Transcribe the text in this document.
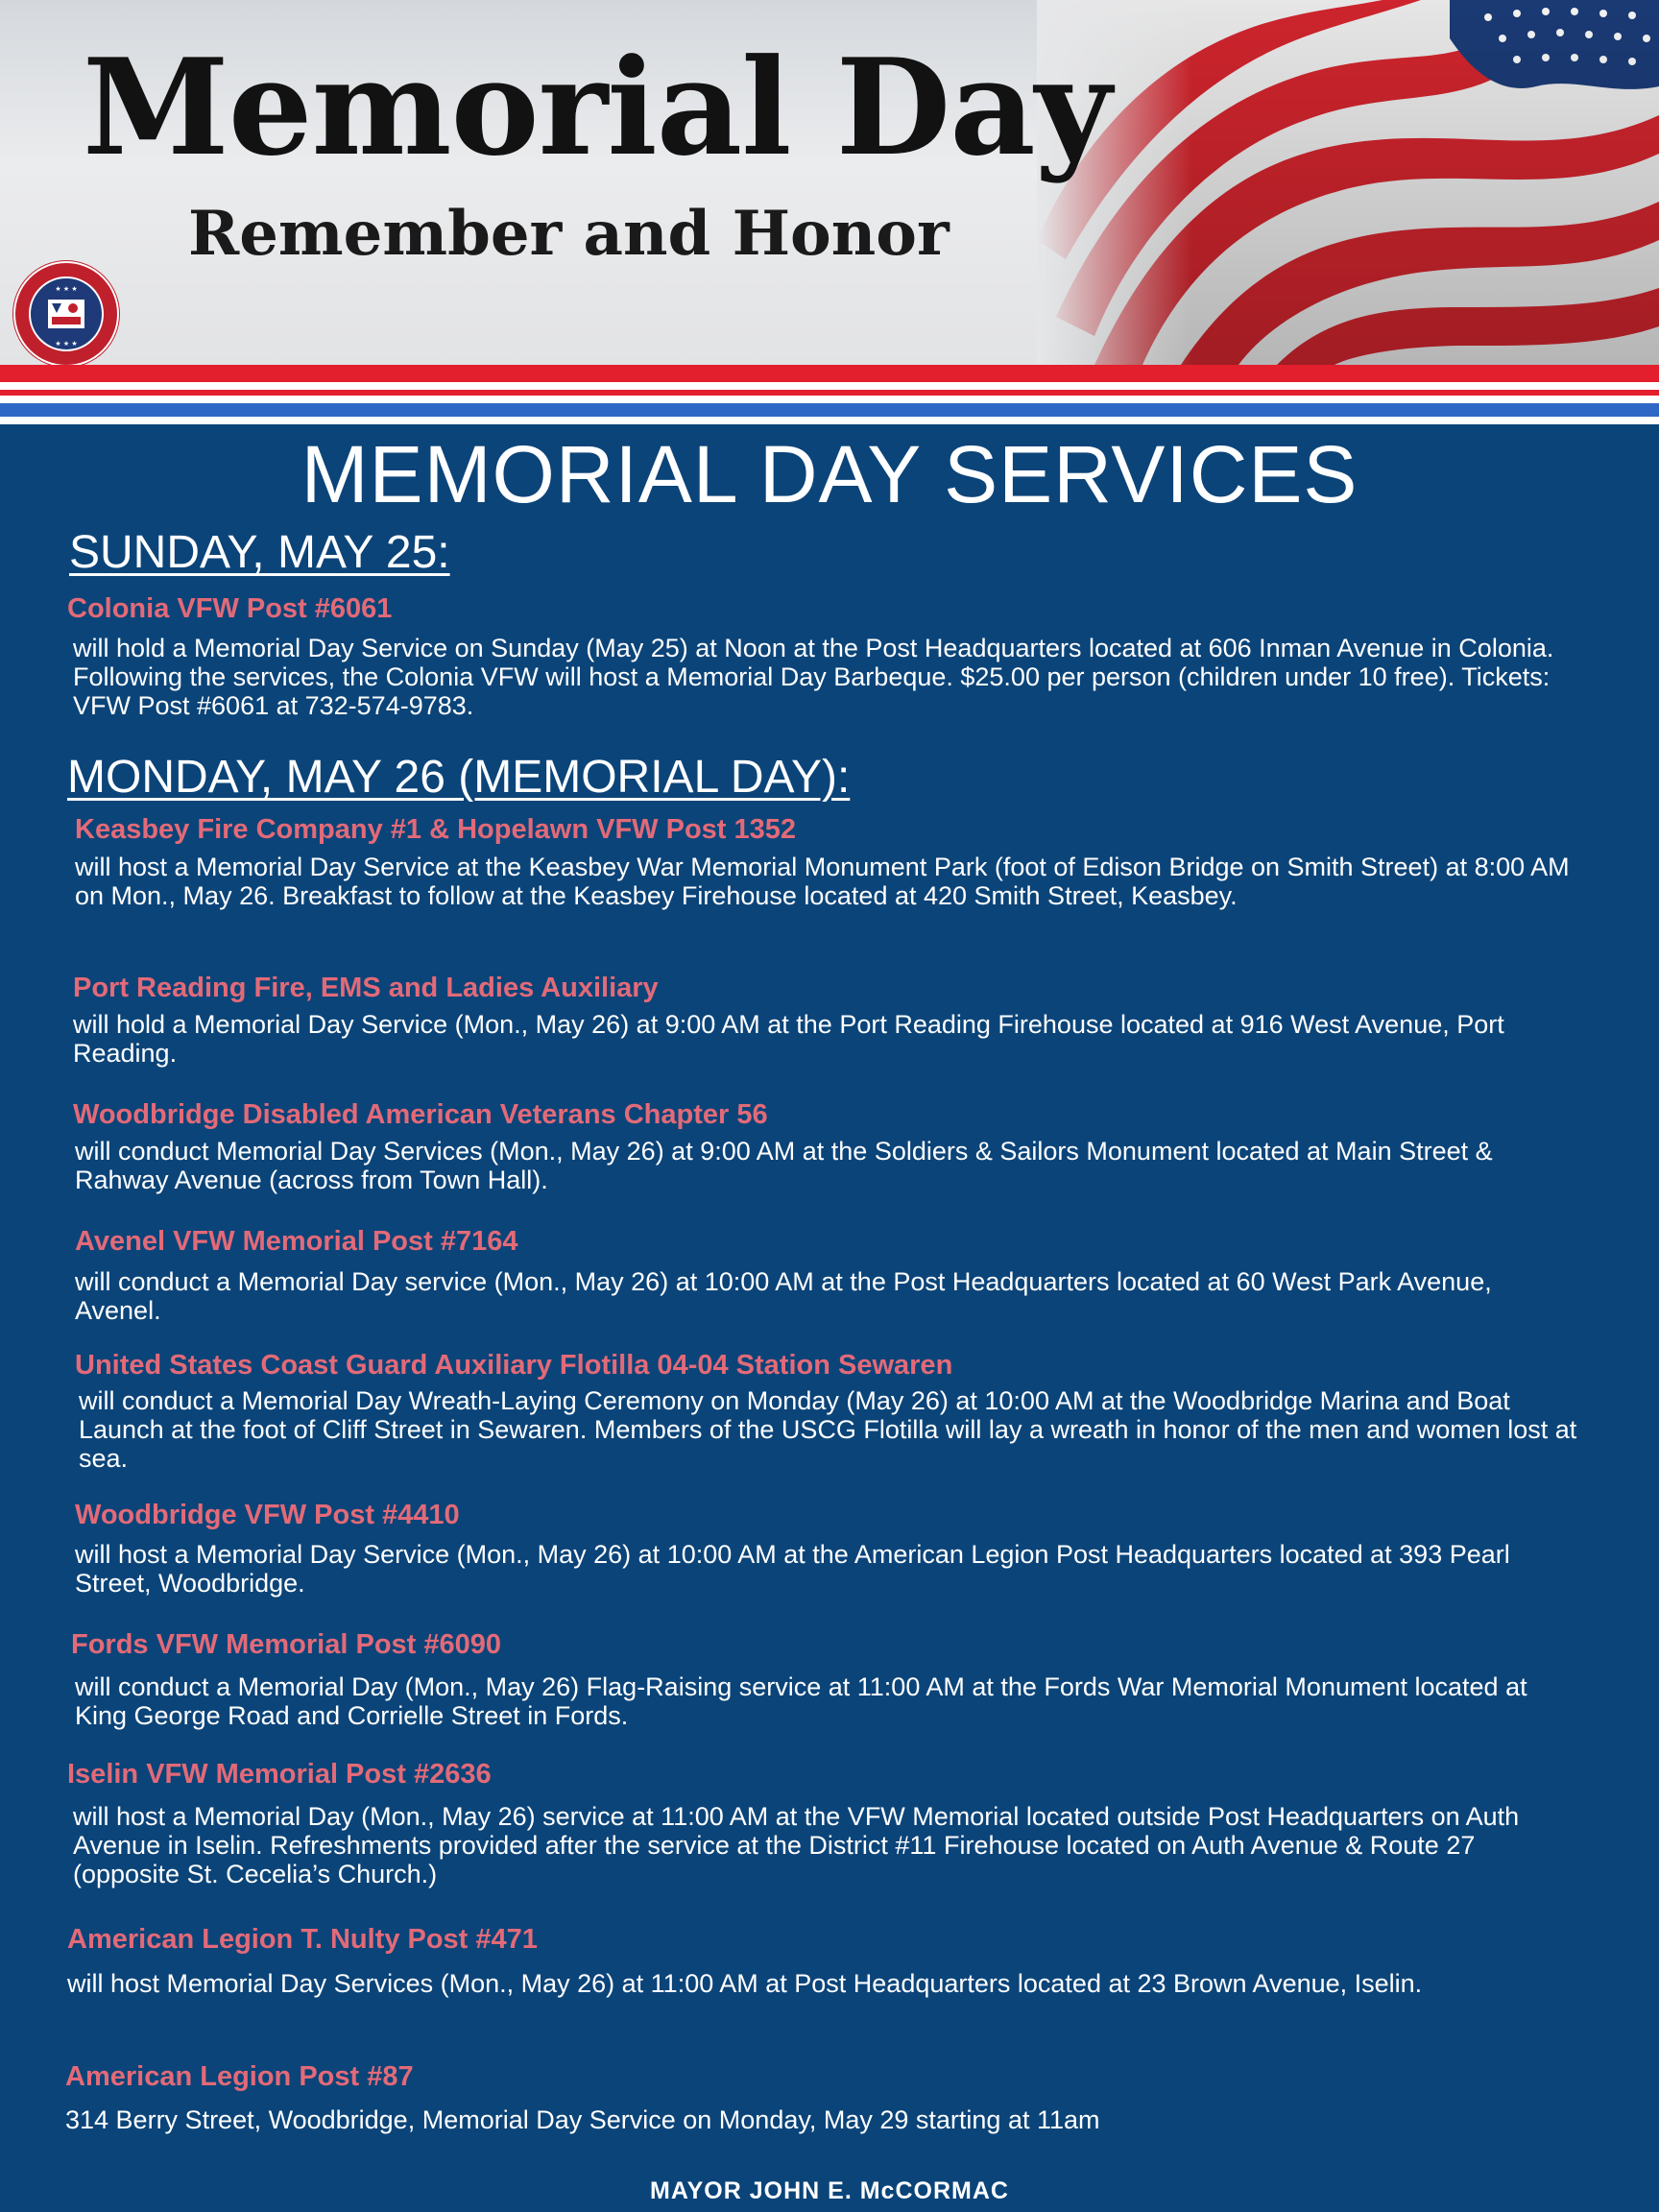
Memorial Day
Remember and Honor
★ ★ ★
★ ★ ★
MEMORIAL DAY SERVICES
SUNDAY, MAY 25:
Colonia VFW Post #6061
will hold a Memorial Day Service on Sunday (May 25) at Noon at the Post Headquarters located at 606 Inman Avenue in Colonia. Following the services, the Colonia VFW will host a Memorial Day Barbeque. $25.00 per person (children under 10 free). Tickets: VFW Post #6061 at 732-574-9783.
MONDAY, MAY 26 (MEMORIAL DAY):
Keasbey Fire Company #1 & Hopelawn VFW Post 1352
will host a Memorial Day Service at the Keasbey War Memorial Monument Park (foot of Edison Bridge on Smith Street) at 8:00 AM on Mon., May 26. Breakfast to follow at the Keasbey Firehouse located at 420 Smith Street, Keasbey.
Port Reading Fire, EMS and Ladies Auxiliary
will hold a Memorial Day Service (Mon., May 26) at 9:00 AM at the Port Reading Firehouse located at 916 West Avenue, Port Reading.
Woodbridge Disabled American Veterans Chapter 56
will conduct Memorial Day Services (Mon., May 26) at 9:00 AM at the Soldiers & Sailors Monument located at Main Street & Rahway Avenue (across from Town Hall).
Avenel VFW Memorial Post #7164
will conduct a Memorial Day service (Mon., May 26) at 10:00 AM at the Post Headquarters located at 60 West Park Avenue, Avenel.
United States Coast Guard Auxiliary Flotilla 04-04 Station Sewaren
will conduct a Memorial Day Wreath-Laying Ceremony on Monday (May 26) at 10:00 AM at the Woodbridge Marina and Boat Launch at the foot of Cliff Street in Sewaren. Members of the USCG Flotilla will lay a wreath in honor of the men and women lost at sea.
Woodbridge VFW Post #4410
will host a Memorial Day Service (Mon., May 26) at 10:00 AM at the American Legion Post Headquarters located at 393 Pearl Street, Woodbridge.
Fords VFW Memorial Post #6090
will conduct a Memorial Day (Mon., May 26) Flag-Raising service at 11:00 AM at the Fords War Memorial Monument located at King George Road and Corrielle Street in Fords.
Iselin VFW Memorial Post #2636
will host a Memorial Day (Mon., May 26) service at 11:00 AM at the VFW Memorial located outside Post Headquarters on Auth Avenue in Iselin. Refreshments provided after the service at the District #11 Firehouse located on Auth Avenue & Route 27 (opposite St. Cecelia’s Church.)
American Legion T. Nulty Post #471
will host Memorial Day Services (Mon., May 26) at 11:00 AM at Post Headquarters located at 23 Brown Avenue, Iselin.
American Legion Post #87
314 Berry Street, Woodbridge, Memorial Day Service on Monday, May 29 starting at 11am
MAYOR JOHN E. McCORMAC
